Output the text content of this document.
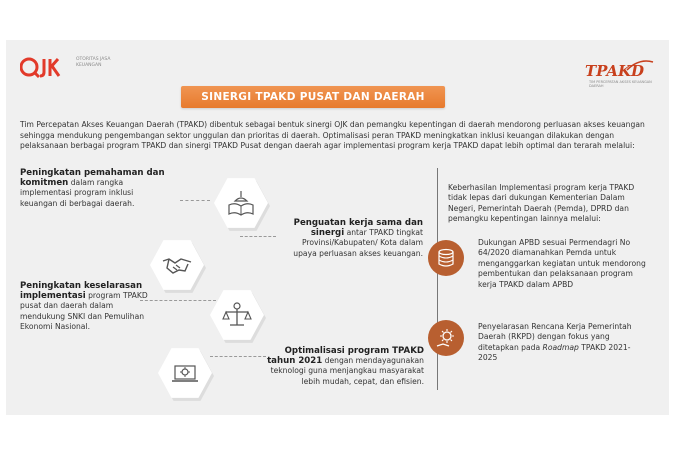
OTORITAS JASA KEUANGAN	TPAKD
TIM PERCEPATAN AKSES KEUANGAN DAERAH
SINERGI TPAKD PUSAT DAN DAERAH
Tim Percepatan Akses Keuangan Daerah (TPAKD) dibentuk sebagai bentuk sinergi OJK dan pemangku kepentingan di daerah mendorong perluasan akses keuangan sehingga mendukung pengembangan sektor unggulan dan prioritas di daerah. Optimalisasi peran TPAKD meningkatkan inklusi keuangan dilakukan dengan pelaksanaan berbagai program TPAKD dan sinergi TPAKD Pusat dengan daerah agar implementasi program kerja TPAKD dapat lebih optimal dan terarah melalui:
Peningkatan pemahaman dan komitmen dalam rangka implementasi program inklusi keuangan di berbagai daerah.
Penguatan kerja sama dan sinergi antar TPAKD tingkat Provinsi/Kabupaten/ Kota dalam upaya perluasan akses keuangan.
Peningkatan keselarasan implementasi program TPAKD pusat dan daerah dalam mendukung SNKI dan Pemulihan Ekonomi Nasional.
Optimalisasi program TPAKD tahun 2021 dengan mendayagunakan teknologi guna menjangkau masyarakat lebih mudah, cepat, dan efisien.
Keberhasilan Implementasi program kerja TPAKD tidak lepas dari dukungan Kementerian Dalam Negeri, Pemerintah Daerah (Pemda), DPRD dan pemangku kepentingan lainnya melalui:
Dukungan APBD sesuai Permendagri No 64/2020 diamanahkan Pemda untuk menganggarkan kegiatan untuk mendorong pembentukan dan pelaksanaan program kerja TPAKD dalam APBD
Penyelarasan Rencana Kerja Pemerintah Daerah (RKPD) dengan fokus yang ditetapkan pada Roadmap TPAKD 2021-2025
